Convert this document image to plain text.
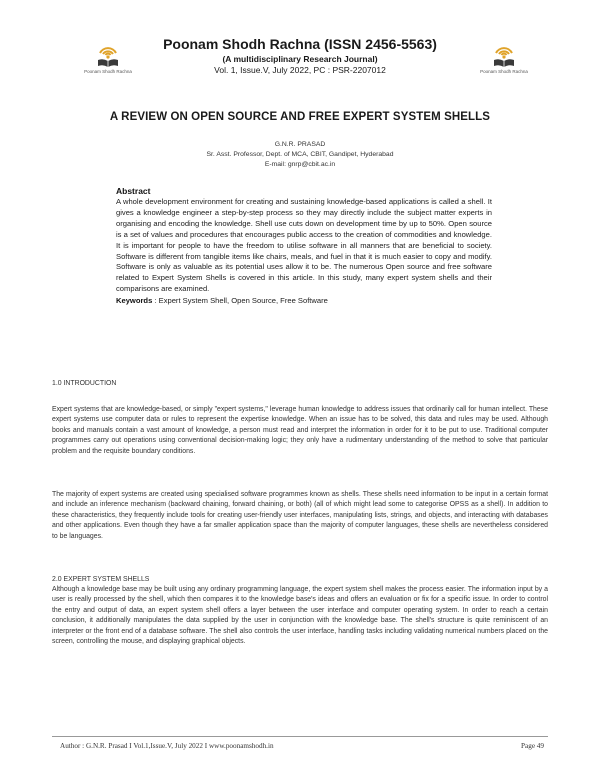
Poonam Shodh Rachna	Poonam Shodh Rachna
Poonam Shodh Rachna (ISSN 2456-5563)
(A multidisciplinary Research Journal)
Vol. 1, Issue.V, July 2022, PC : PSR-2207012
A REVIEW ON OPEN SOURCE AND FREE EXPERT SYSTEM SHELLS
G.N.R. PRASAD
Sr. Asst. Professor, Dept. of MCA, CBIT, Gandipet, Hyderabad
E-mail: gnrp@cbit.ac.in
Abstract
A whole development environment for creating and sustaining knowledge-based applications is called a shell. It gives a knowledge engineer a step-by-step process so they may directly include the subject matter experts in organising and encoding the knowledge. Shell use cuts down on development time by up to 50%. Open source is a set of values and procedures that encourages public access to the creation of commodities and knowledge. It is important for people to have the freedom to utilise software in all manners that are beneficial to society. Software is different from tangible items like chairs, meals, and fuel in that it is much easier to copy and modify. Software is only as valuable as its potential uses allow it to be. The numerous Open source and free software related to Expert System Shells is covered in this article. In this study, many expert system shells and their comparisons are examined.
Keywords : Expert System Shell, Open Source, Free Software
1.0 INTRODUCTION
Expert systems that are knowledge-based, or simply "expert systems," leverage human knowledge to address issues that ordinarily call for human intellect. These expert systems use computer data or rules to represent the expertise knowledge. When an issue has to be solved, this data and rules may be used. Although books and manuals contain a vast amount of knowledge, a person must read and interpret the information in order for it to be put to use. Traditional computer programmes carry out operations using conventional decision-making logic; they only have a rudimentary understanding of the method to solve that particular problem and the requisite boundary conditions.
The majority of expert systems are created using specialised software programmes known as shells. These shells need information to be input in a certain format and include an inference mechanism (backward chaining, forward chaining, or both) (all of which might lead some to categorise OPSS as a shell). In addition to these characteristics, they frequently include tools for creating user-friendly user interfaces, manipulating lists, strings, and objects, and interacting with databases and other applications. Even though they have a far smaller application space than the majority of computer languages, these shells are nevertheless considered to be languages.
2.0 EXPERT SYSTEM SHELLS
Although a knowledge base may be built using any ordinary programming language, the expert system shell makes the process easier. The information input by a user is really processed by the shell, which then compares it to the knowledge base's ideas and offers an evaluation or fix for a specific issue. In order to control the entry and output of data, an expert system shell offers a layer between the user interface and computer operating system. In order to reach a certain conclusion, it additionally manipulates the data supplied by the user in conjunction with the knowledge base. The shell's structure is quite reminiscent of an interpreter or the front end of a database software. The shell also controls the user interface, handling tasks including validating numerical numbers placed on the screen, controlling the mouse, and displaying graphical objects.
Author : G.N.R. Prasad I Vol.1,Issue.V, July 2022 I www.poonamshodh.in	Page 49
